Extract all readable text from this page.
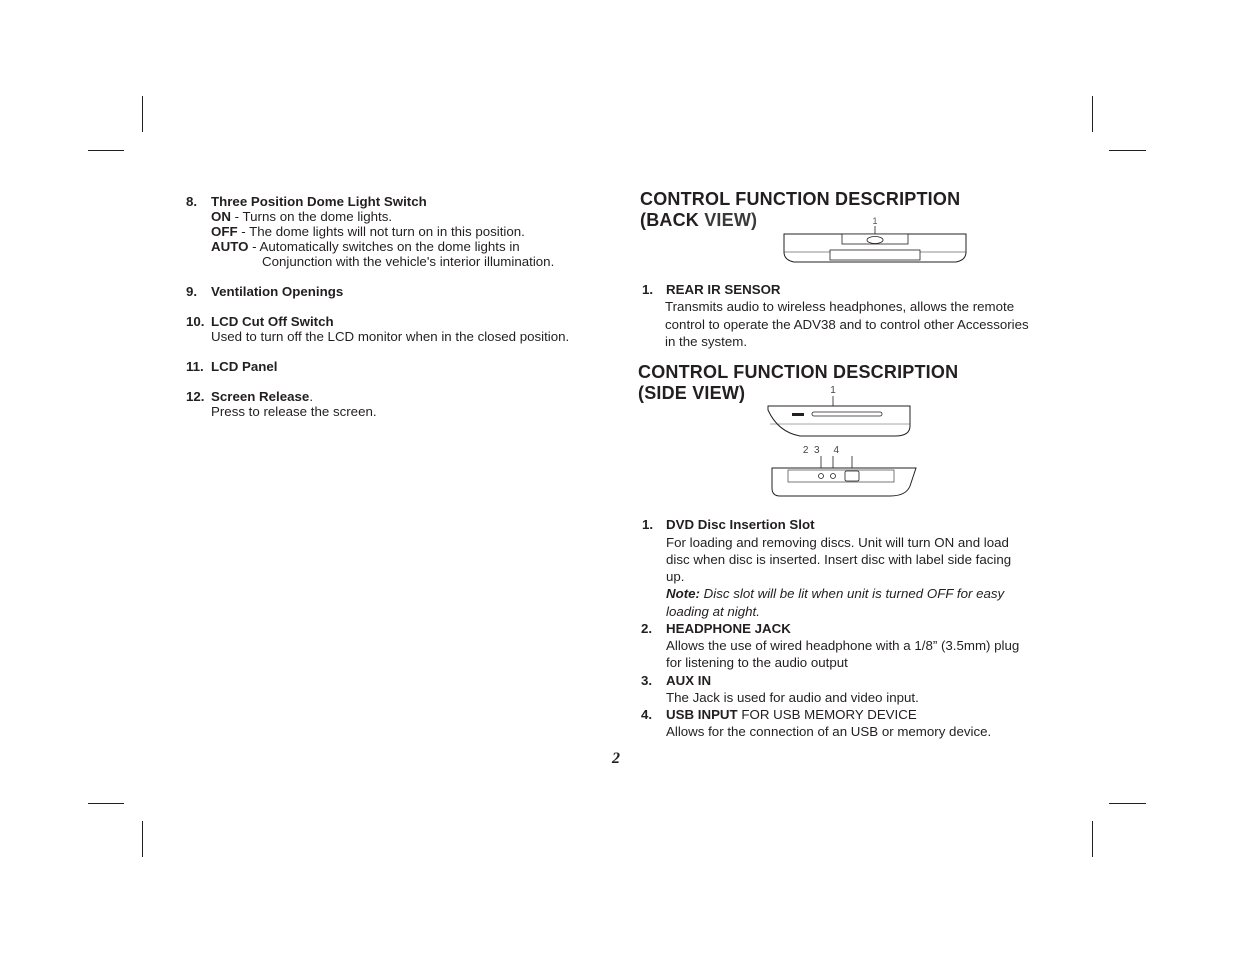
8. Three Position Dome Light Switch
ON - Turns on the dome lights.
OFF - The dome lights will not turn on in this position.
AUTO - Automatically switches on the dome lights in
Conjunction with the vehicle's interior illumination.
9. Ventilation Openings
10. LCD Cut Off Switch
Used to turn off the LCD monitor when in the closed position.
11. LCD Panel
12. Screen Release.
Press to release the screen.
CONTROL FUNCTION DESCRIPTION
(BACK VIEW)	1
1. REAR IR SENSOR
Transmits audio to wireless headphones, allows the remote
control to operate the ADV38 and to control other Accessories
in the system.
CONTROL FUNCTION DESCRIPTION
(SIDE VIEW)	1
2  3     4
1. DVD Disc Insertion Slot
For loading and removing discs. Unit will turn ON and load
disc when disc is inserted. Insert disc with label side facing
up.
Note: Disc slot will be lit when unit is turned OFF for easy
loading at night.
2. HEADPHONE JACK
Allows the use of wired headphone with a 1/8” (3.5mm) plug
for listening to the audio output
3. AUX IN
The Jack is used for audio and video input.
4. USB INPUT FOR USB MEMORY DEVICE
Allows for the connection of an USB or memory device.
2
